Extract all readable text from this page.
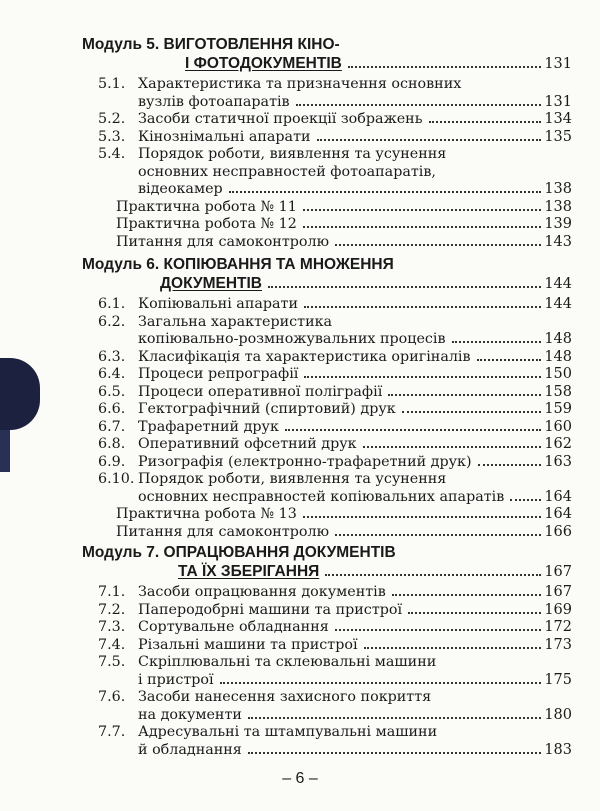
Модуль 5. ВИГОТОВЛЕННЯ КІНО-
І ФОТОДОКУМЕНТІВ	131
5.1. Характеристика та призначення основних
вузлів фотоапаратів	131
5.2. Засоби статичної проекції зображень	134
5.3. Кінознімальні апарати	135
5.4. Порядок роботи, виявлення та усунення
основних несправностей фотоапаратів,
відеокамер	138
Практична робота № 11	138
Практична робота № 12	139
Питання для самоконтролю	143
Модуль 6. КОПІЮВАННЯ ТА МНОЖЕННЯ
ДОКУМЕНТІВ	144
6.1. Копіювальні апарати	144
6.2. Загальна характеристика
копіювально-розмножувальних процесів	148
6.3. Класифікація та характеристика оригіналів	148
6.4. Процеси репрографії	150
6.5. Процеси оперативної поліграфії	158
6.6. Гектографічний (спиртовий) друк	159
6.7. Трафаретний друк	160
6.8. Оперативний офсетний друк	162
6.9. Ризографія (електронно-трафаретний друк)	163
6.10. Порядок роботи, виявлення та усунення
основних несправностей копіювальних апаратів	164
Практична робота № 13	164
Питання для самоконтролю	166
Модуль 7. ОПРАЦЮВАННЯ ДОКУМЕНТІВ
ТА ЇХ ЗБЕРІГАННЯ	167
7.1. Засоби опрацювання документів	167
7.2. Паперодобрні машини та пристрої	169
7.3. Сортувальне обладнання	172
7.4. Різальні машини та пристрої	173
7.5. Скріплювальні та склеювальні машини
і пристрої	175
7.6. Засоби нанесення захисного покриття
на документи	180
7.7. Адресувальні та штампувальні машини
й обладнання	183
– 6 –
